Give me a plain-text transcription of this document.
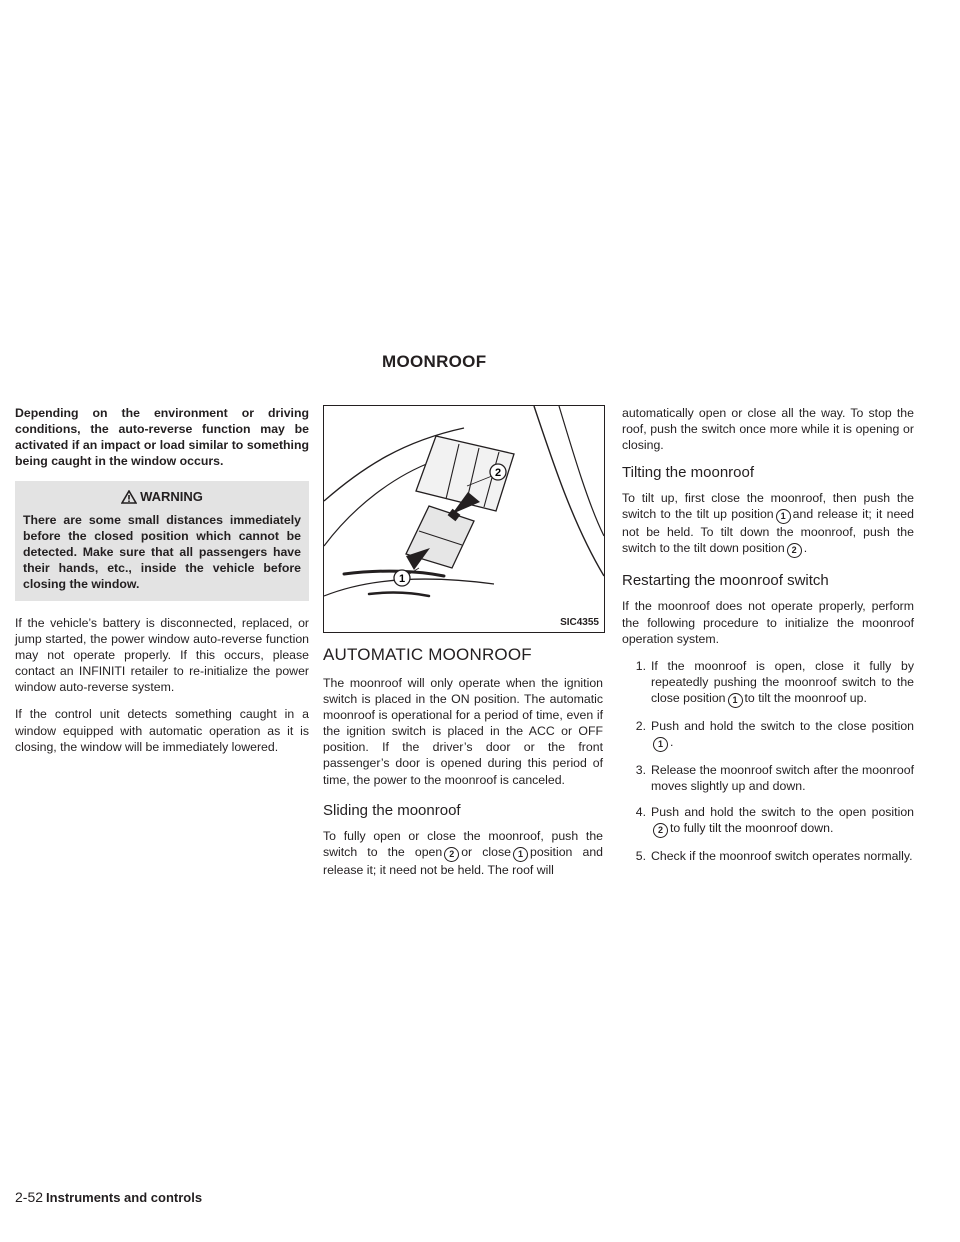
MOONROOF

Depending on the environment or driving conditions, the auto-reverse function may be activated if an impact or load similar to something being caught in the window occurs.

WARNING

There are some small distances immediately before the closed position which cannot be detected. Make sure that all passengers have their hands, etc., inside the vehicle before closing the window.

If the vehicle’s battery is disconnected, replaced, or jump started, the power window auto-reverse function may not operate properly. If this occurs, please contact an INFINITI retailer to re-initialize the power window auto-reverse system.

If the control unit detects something caught in a window equipped with automatic operation as it is closing, the window will be immediately lowered.

2
1
SIC4355
AUTOMATIC MOONROOF

The moonroof will only operate when the ignition switch is placed in the ON position. The automatic moonroof is operational for a period of time, even if the ignition switch is placed in the ACC or OFF position. If the driver’s door or the front passenger’s door is opened during this period of time, the power to the moonroof is canceled.

Sliding the moonroof

To fully open or close the moonroof, push the switch to the open 2 or close 1 position and release it; it need not be held. The roof will

automatically open or close all the way. To stop the roof, push the switch once more while it is opening or closing.

Tilting the moonroof

To tilt up, first close the moonroof, then push the switch to the tilt up position 1 and release it; it need not be held. To tilt down the moonroof, push the switch to the tilt down position 2 .

Restarting the moonroof switch

If the moonroof does not operate properly, perform the following procedure to initialize the moonroof operation system.

1. If the moonroof is open, close it fully by repeatedly pushing the moonroof switch to the close position 1 to tilt the moonroof up.
2. Push and hold the switch to the close position1 .
3. Release the moonroof switch after the moonroof moves slightly up and down.
4. Push and hold the switch to the open position2 to fully tilt the moonroof down.
5. Check if the moonroof switch operates normally.
2-52 Instruments and controls
